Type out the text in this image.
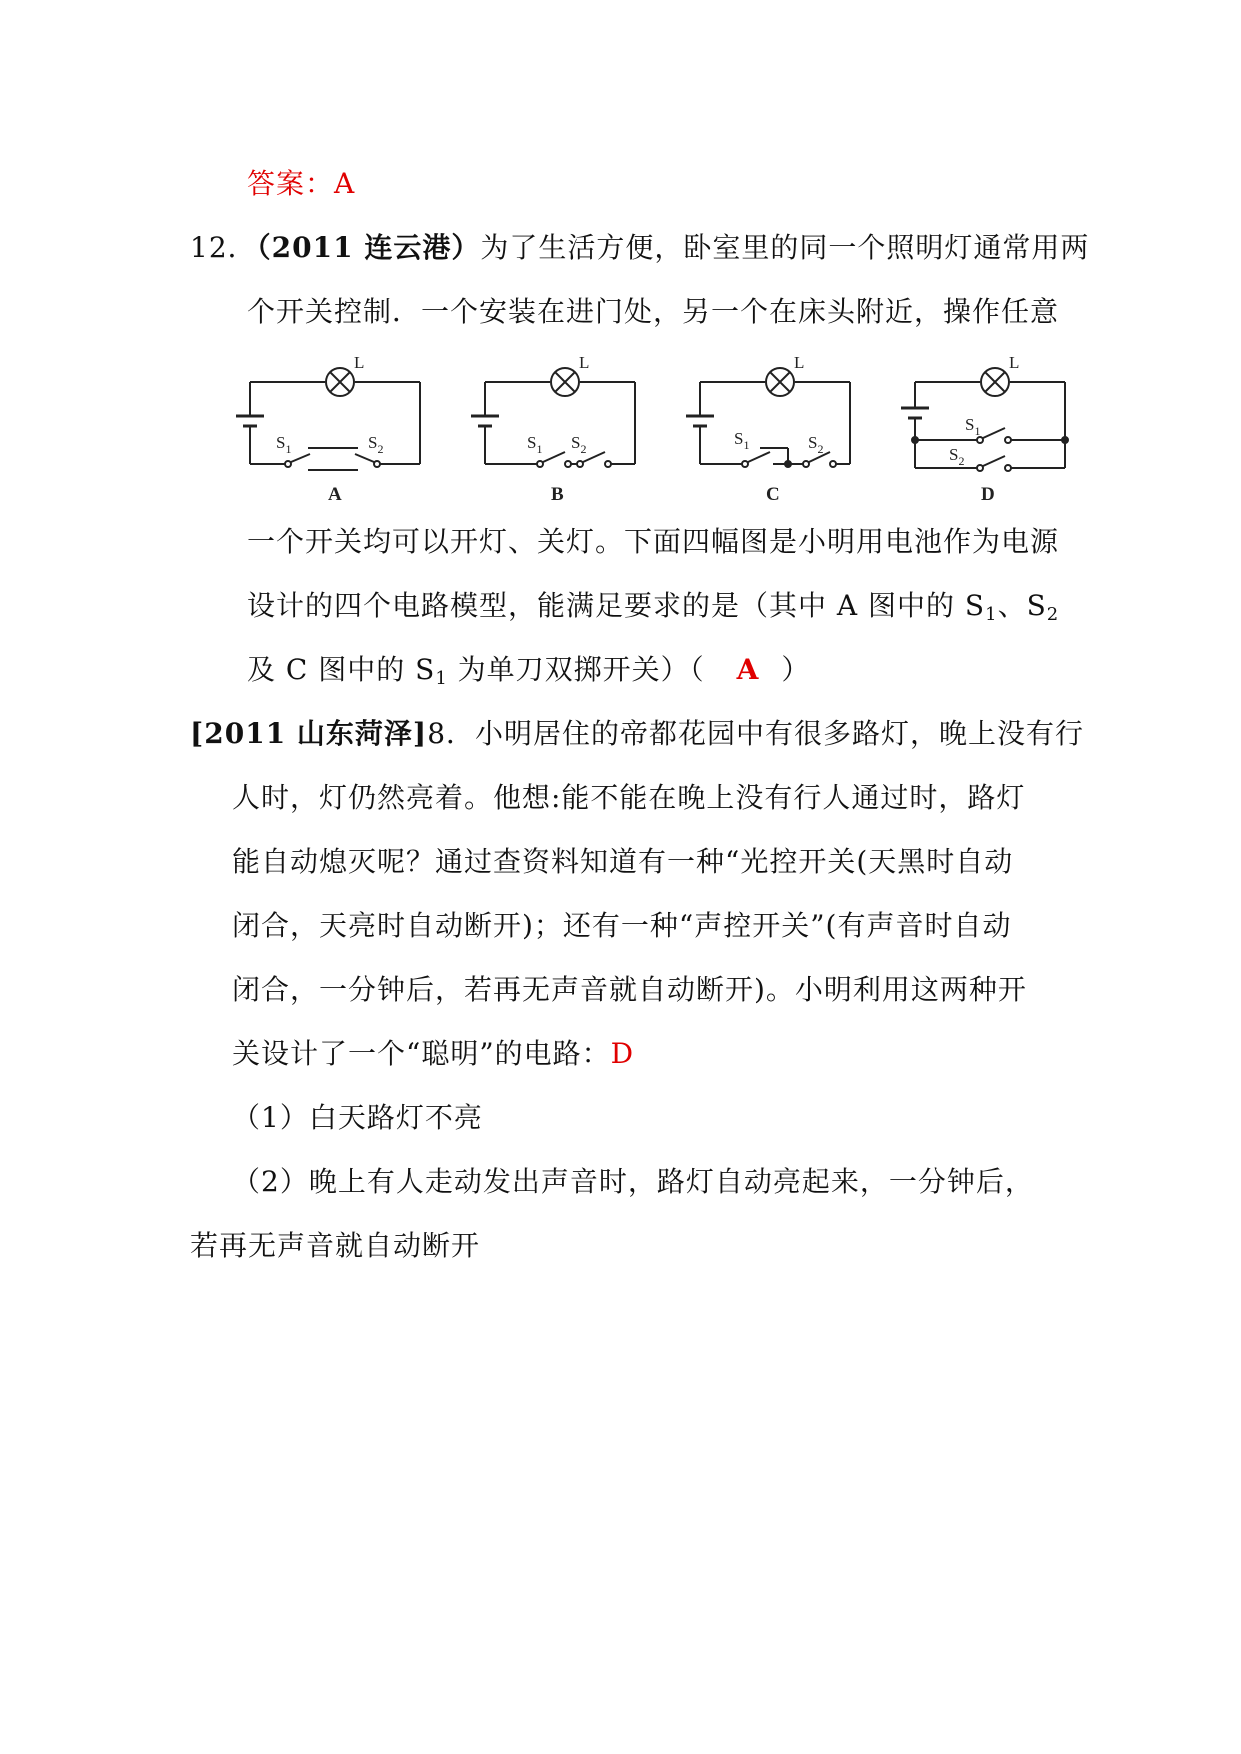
答案：A
12．（2011 连云港）为了生活方便，卧室里的同一个照明灯通常用两
个开关控制．一个安装在进门处，另一个在床头附近，操作任意
L
$S_1$	$S_2$
A
L
$S_1$ $S_2$
B
L
$S_1$	$S_2$
C
L
$S_1$
$S_2$
D
一个开关均可以开灯、关灯。下面四幅图是小明用电池作为电源
设计的四个电路模型，能满足要求的是（其中 A 图中的 $S_1$、$S_2$
及 C 图中的 $S_1$ 为单刀双掷开关）（ A ）
[2011 山东菏泽]8．小明居住的帝都花园中有很多路灯，晚上没有行
人时，灯仍然亮着。他想:能不能在晚上没有行人通过时，路灯
能自动熄灭呢？通过查资料知道有一种“光控开关(天黑时自动
闭合，天亮时自动断开)；还有一种“声控开关”(有声音时自动
闭合，一分钟后，若再无声音就自动断开)。小明利用这两种开
关设计了一个“聪明”的电路：D
（1）白天路灯不亮
（2）晚上有人走动发出声音时，路灯自动亮起来，一分钟后，
若再无声音就自动断开
